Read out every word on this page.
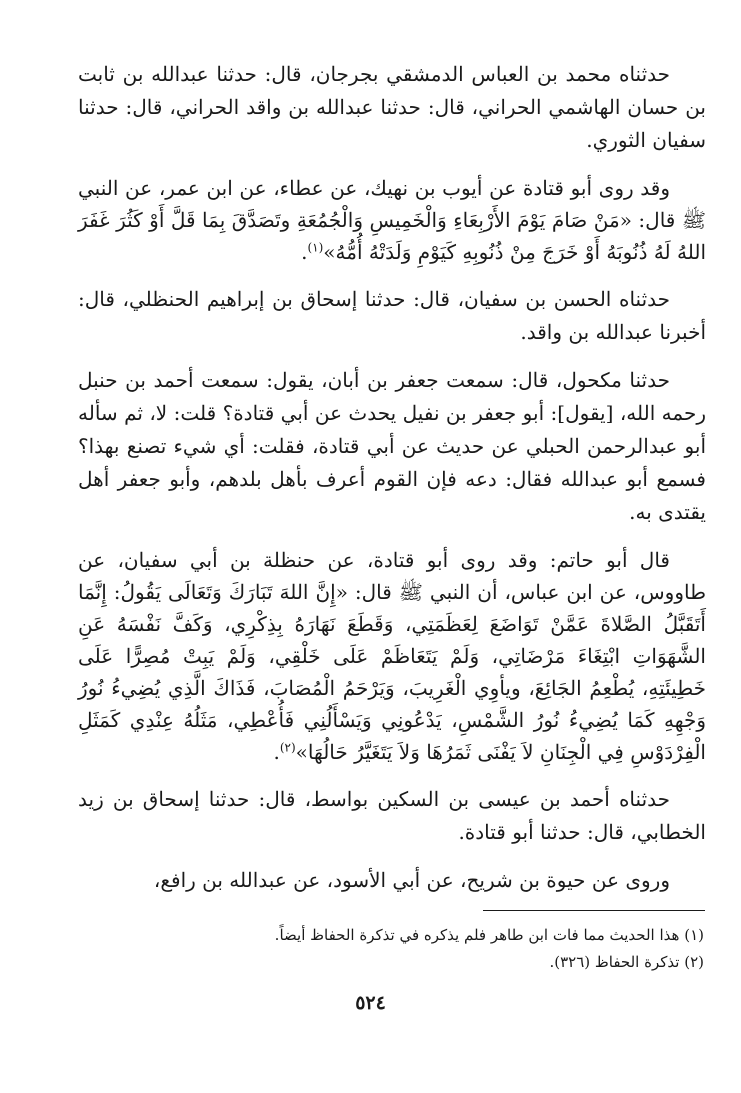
حدثناه محمد بن العباس الدمشقي بجرجان، قال: حدثنا عبدالله بن ثابت بن حسان الهاشمي الحراني، قال: حدثنا عبدالله بن واقد الحراني، قال: حدثنا سفيان الثوري.

وقد روى أبو قتادة عن أيوب بن نهيك، عن عطاء، عن ابن عمر، عن النبي ﷺ قال: «مَنْ صَامَ يَوْمَ الأَرْبِعَاءِ وَالْخَمِيسِ وَالْجُمُعَةِ وتَصَدَّقَ بِمَا قَلَّ أَوْ كَثُرَ غَفَرَ اللهُ لَهُ ذُنُوبَهُ أَوْ خَرَجَ مِنْ ذُنُوبِهِ كَيَوْمِ وَلَدَتْهُ أُمُّهُ»$^{(١)}$.

حدثناه الحسن بن سفيان، قال: حدثنا إسحاق بن إبراهيم الحنظلي، قال: أخبرنا عبدالله بن واقد.

حدثنا مكحول، قال: سمعت جعفر بن أبان، يقول: سمعت أحمد بن حنبل رحمه الله، [يقول]: أبو جعفر بن نفيل يحدث عن أبي قتادة؟ قلت: لا، ثم سأله أبو عبدالرحمن الحبلي عن حديث عن أبي قتادة، فقلت: أي شيء تصنع بهذا؟ فسمع أبو عبدالله فقال: دعه فإن القوم أعرف بأهل بلدهم، وأبو جعفر أهل يقتدى به.

قال أبو حاتم: وقد روى أبو قتادة، عن حنظلة بن أبي سفيان، عن طاووس، عن ابن عباس، أن النبي ﷺ قال: «إِنَّ اللهَ تَبَارَكَ وَتَعَالَى يَقُولُ: إِنَّمَا أَتَقَبَّلُ الصَّلاةَ عَمَّنْ تَوَاضَعَ لِعَظَمَتِي، وَقَطَعَ نَهَارَهُ بِذِكْرِي، وَكَفَّ نَفْسَهُ عَنِ الشَّهَوَاتِ ابْتِغَاءَ مَرْضَاتِي، وَلَمْ يَتَعَاظَمْ عَلَى خَلْقِي، وَلَمْ يَبِتْ مُصِرًّا عَلَى خَطِيئَتِهِ، يُطْعِمُ الجَائِعَ، ويأوِي الْغَرِيبَ، وَيَرْحَمُ الْمُصَابَ، فَذَاكَ الَّذِي يُضِيءُ نُورُ وَجْهِهِ كَمَا يُضِيءُ نُورُ الشَّمْسِ، يَدْعُونِي وَيَسْأَلُنِي فَأُعْطِي، مَثَلُهُ عِنْدِي كَمَثَلِ الْفِرْدَوْسِ فِي الْجِنَانِ لاَ يَفْنَى ثَمَرُهَا وَلاَ يَتَغَيَّرُ حَالُهَا»$^{(٢)}$.

حدثناه أحمد بن عيسى بن السكين بواسط، قال: حدثنا إسحاق بن زيد الخطابي، قال: حدثنا أبو قتادة.

وروى عن حيوة بن شريح، عن أبي الأسود، عن عبدالله بن رافع،

(١) هذا الحديث مما فات ابن طاهر فلم يذكره في تذكرة الحفاظ أيضاً.

(٢) تذكرة الحفاظ (٣٢٦).

٥٢٤
